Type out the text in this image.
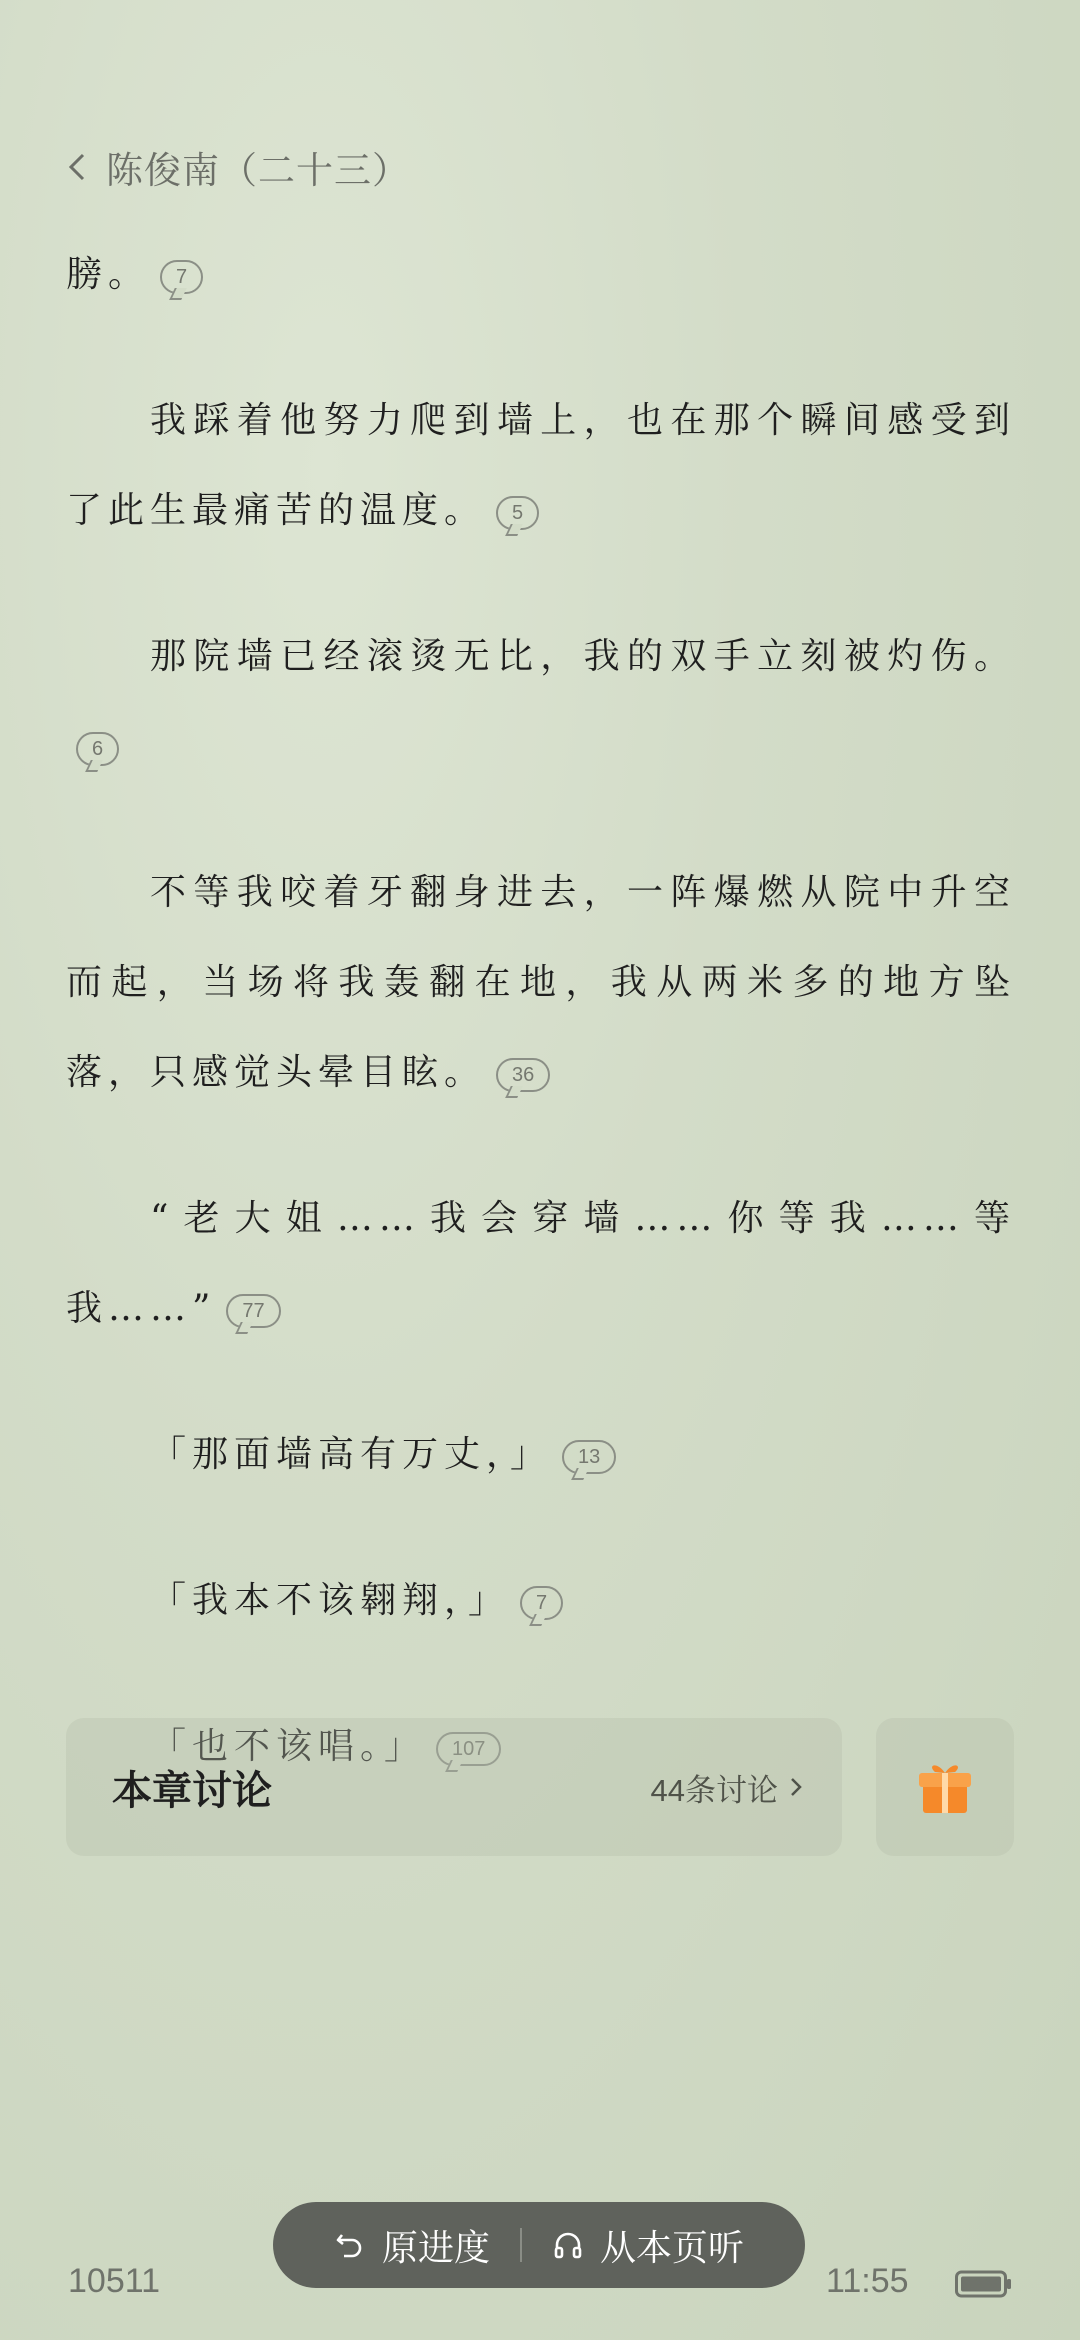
陈俊南（二十三）

膀。 7

我踩着他努力爬到墙上，也在那个瞬间感受到了此生最痛苦的温度。 5

那院墙已经滚烫无比，我的双手立刻被灼伤。6

不等我咬着牙翻身进去，一阵爆燃从院中升空而起，当场将我轰翻在地，我从两米多的地方坠落，只感觉头晕目眩。 36

“老大姐……我会穿墙……你等我……等我……” 77

「那面墙高有万丈，」 13

「我本不该翱翔，」 7

「也不该唱。」 107

本章讨论	44条讨论
原进度	从本页听
10511	11:55
